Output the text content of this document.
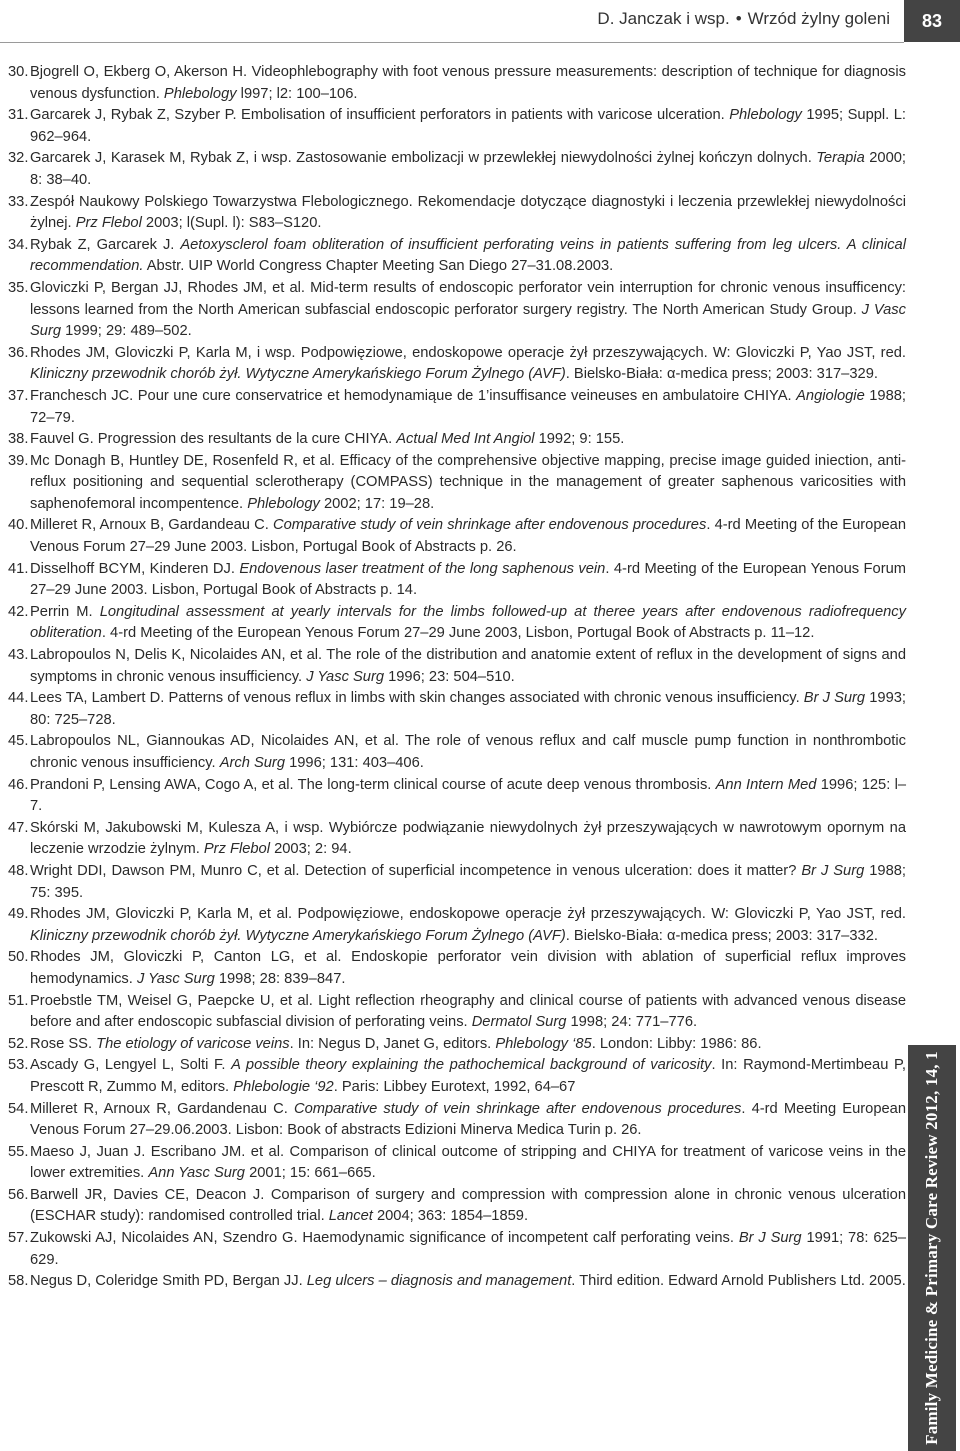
D. Janczak i wsp. • Wrzód żylny goleni	83
30. Bjogrell O, Ekberg O, Akerson H. Videophlebography with foot venous pressure measurements: description of technique for diagnosis venous dysfunction. Phlebology l997; l2: 100–106.
31. Garcarek J, Rybak Z, Szyber P. Embolisation of insufficient perforators in patients with varicose ulceration. Phlebology 1995; Suppl. L: 962–964.
32. Garcarek J, Karasek M, Rybak Z, i wsp. Zastosowanie embolizacji w przewlekłej niewydolności żylnej kończyn dolnych. Terapia 2000; 8: 38–40.
33. Zespół Naukowy Polskiego Towarzystwa Flebologicznego. Rekomendacje dotyczące diagnostyki i leczenia przewlekłej niewydolności żylnej. Prz Flebol 2003; l(Supl. l): S83–S120.
34. Rybak Z, Garcarek J. Aetoxysclerol foam obliteration of insufficient perforating veins in patients suffering from leg ulcers. A clinical recommendation. Abstr. UIP World Congress Chapter Meeting San Diego 27–31.08.2003.
35. Gloviczki P, Bergan JJ, Rhodes JM, et al. Mid-term results of endoscopic perforator vein interruption for chronic venous insufficency: lessons learned from the North American subfascial endoscopic perforator surgery registry. The North American Study Group. J Vasc Surg 1999; 29: 489–502.
36. Rhodes JM, Gloviczki P, Karla M, i wsp. Podpowięziowe, endoskopowe operacje żył przeszywających. W: Gloviczki P, Yao JST, red. Kliniczny przewodnik chorób żył. Wytyczne Amerykańskiego Forum Żylnego (AVF). Bielsko-Biała: α-medica press; 2003: 317–329.
37. Franchesch JC. Pour une cure conservatrice et hemodynamiąue de 1’insuffisance veineuses en ambulatoire CHIYA. Angiologie 1988; 72–79.
38. Fauvel G. Progression des resultants de la cure CHIYA. Actual Med Int Angiol 1992; 9: 155.
39. Mc Donagh B, Huntley DE, Rosenfeld R, et al. Efficacy of the comprehensive objective mapping, precise image guided iniection, anti-reflux positioning and sequential sclerotherapy (COMPASS) technique in the management of greater saphenous varicosities with saphenofemoral incompentence. Phlebology 2002; 17: 19–28.
40. Milleret R, Arnoux B, Gardandeau C. Comparative study of vein shrinkage after endovenous procedures. 4-rd Meeting of the European Venous Forum 27–29 June 2003. Lisbon, Portugal Book of Abstracts p. 26.
41. Disselhoff BCYM, Kinderen DJ. Endovenous laser treatment of the long saphenous vein. 4-rd Meeting of the European Yenous Forum 27–29 June 2003. Lisbon, Portugal Book of Abstracts p. 14.
42. Perrin M. Longitudinal assessment at yearly intervals for the limbs followed-up at theree years after endovenous radiofrequency obliteration. 4-rd Meeting of the European Yenous Forum 27–29 June 2003, Lisbon, Portugal Book of Abstracts p. 11–12.
43. Labropoulos N, Delis K, Nicolaides AN, et al. The role of the distribution and anatomie extent of reflux in the development of signs and symptoms in chronic venous insufficiency. J Yasc Surg 1996; 23: 504–510.
44. Lees TA, Lambert D. Patterns of venous reflux in limbs with skin changes associated with chronic venous insufficiency. Br J Surg 1993; 80: 725–728.
45. Labropoulos NL, Giannoukas AD, Nicolaides AN, et al. The role of venous reflux and calf muscle pump function in nonthrombotic chronic venous insufficiency. Arch Surg 1996; 131: 403–406.
46. Prandoni P, Lensing AWA, Cogo A, et al. The long-term clinical course of acute deep venous thrombosis. Ann Intern Med 1996; 125: l–7.
47. Skórski M, Jakubowski M, Kulesza A, i wsp. Wybiórcze podwiązanie niewydolnych żył przeszywających w nawrotowym opornym na leczenie wrzodzie żylnym. Prz Flebol 2003; 2: 94.
48. Wright DDI, Dawson PM, Munro C, et al. Detection of superficial incompetence in venous ulceration: does it matter? Br J Surg 1988; 75: 395.
49. Rhodes JM, Gloviczki P, Karla M, et al. Podpowięziowe, endoskopowe operacje żył przeszywających. W: Gloviczki P, Yao JST, red. Kliniczny przewodnik chorób żył. Wytyczne Amerykańskiego Forum Żylnego (AVF). Bielsko-Biała: α-medica press; 2003: 317–332.
50. Rhodes JM, Gloviczki P, Canton LG, et al. Endoskopie perforator vein division with ablation of superficial reflux improves hemodynamics. J Yasc Surg 1998; 28: 839–847.
51. Proebstle TM, Weisel G, Paepcke U, et al. Light reflection rheography and clinical course of patients with advanced venous disease before and after endoscopic subfascial division of perforating veins. Dermatol Surg 1998; 24: 771–776.
52. Rose SS. The etiology of varicose veins. In: Negus D, Janet G, editors. Phlebology ‘85. London: Libby: 1986: 86.
53. Ascady G, Lengyel L, Solti F. A possible theory explaining the pathochemical background of varicosity. In: Raymond-Mertimbeau P, Prescott R, Zummo M, editors. Phlebologie ‘92. Paris: Libbey Eurotext, 1992, 64–67
54. Milleret R, Arnoux R, Gardandenau C. Comparative study of vein shrinkage after endovenous procedures. 4-rd Meeting European Venous Forum 27–29.06.2003. Lisbon: Book of abstracts Edizioni Minerva Medica Turin p. 26.
55. Maeso J, Juan J. Escribano JM. et al. Comparison of clinical outcome of stripping and CHIYA for treatment of varicose veins in the lower extremities. Ann Yasc Surg 2001; 15: 661–665.
56. Barwell JR, Davies CE, Deacon J. Comparison of surgery and compression with compression alone in chronic venous ulceration (ESCHAR study): randomised controlled trial. Lancet 2004; 363: 1854–1859.
57. Zukowski AJ, Nicolaides AN, Szendro G. Haemodynamic significance of incompetent calf perforating veins. Br J Surg 1991; 78: 625–629.
58. Negus D, Coleridge Smith PD, Bergan JJ. Leg ulcers – diagnosis and management. Third edition. Edward Arnold Publishers Ltd. 2005. Family Medicine & Primary Care Review 2012, 14, 1
